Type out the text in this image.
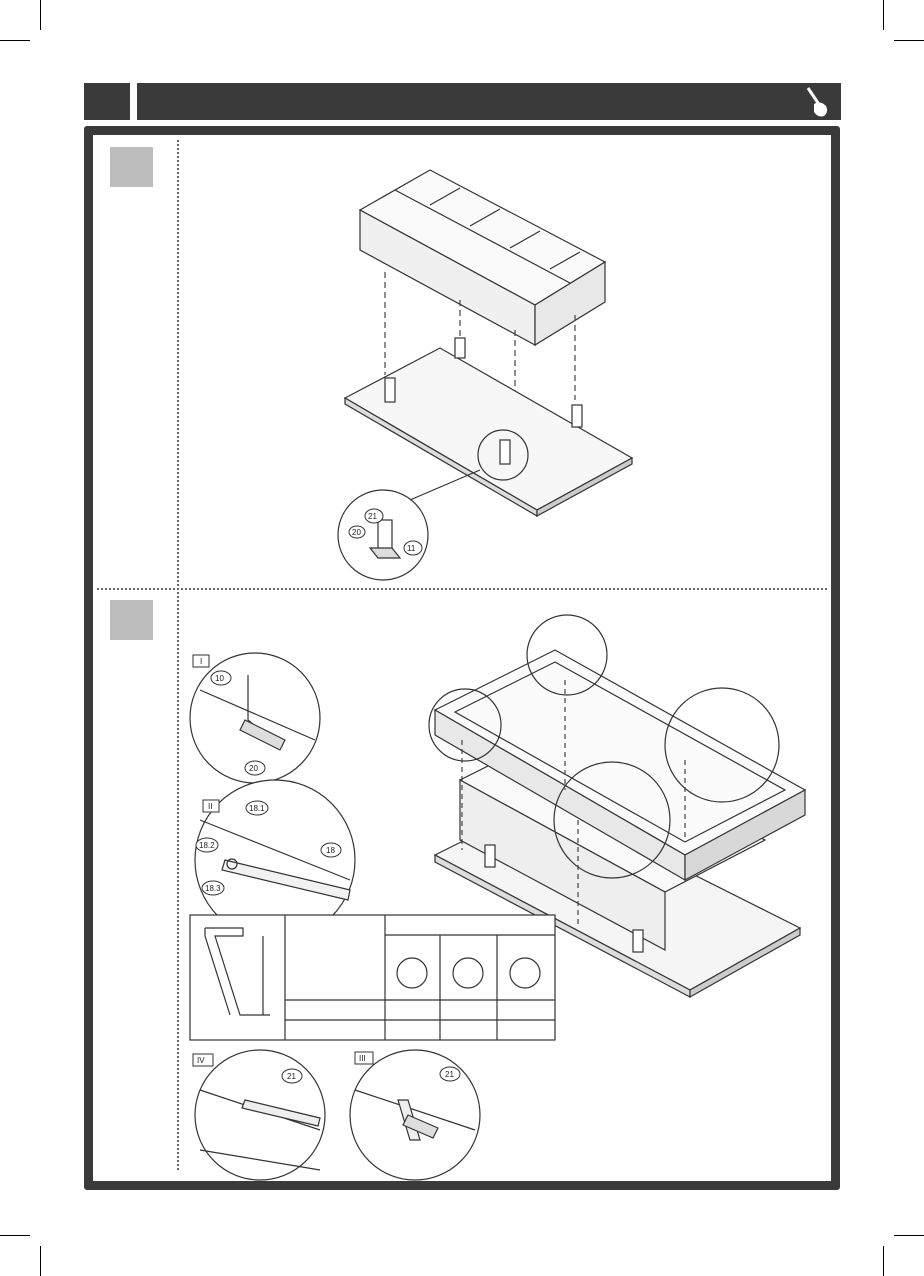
I
II
IV	III
11
20
21
10
20
18.1
18.2
18.3
18
21	21
